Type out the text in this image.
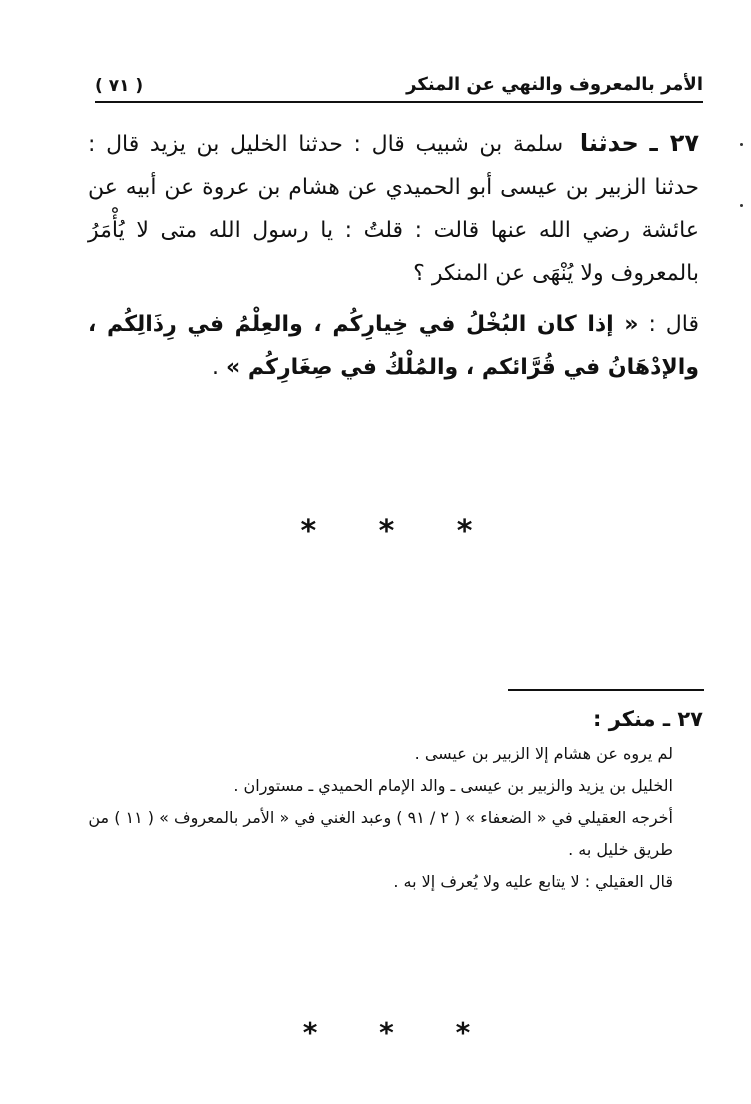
الأمر بالمعروف والنهي عن المنكر
( ٧١ )

٢٧ ـ حدثنا سلمة بن شبيب قال : حدثنا الخليل بن يزيد قال : حدثنا الزبير بن عيسى أبو الحميدي عن هشام بن عروة عن أبيه عن عائشة رضي الله عنها قالت : قلتُ : يا رسول الله متى لا يُأْمَرُ بالمعروف ولا يُنْهَى عن المنكر ؟

قال : « إذا كان البُخْلُ في خِيارِكُم ، والعِلْمُ في رِذَالِكُم ، والإدْهَانُ في قُرَّائكم ، والمُلْكُ في صِغَارِكُم » .

* * *

٢٧ ـ منكر :

لم يروه عن هشام إلا الزبير بن عيسى .

الخليل بن يزيد والزبير بن عيسى ـ والد الإمام الحميدي ـ مستوران .

أخرجه العقيلي في « الضعفاء » ( ٢ / ٩١ ) وعبد الغني في « الأمر بالمعروف » ( ١١ ) من

طريق خليل به .

قال العقيلي : لا يتابع عليه ولا يُعرف إلا به .

* * *
